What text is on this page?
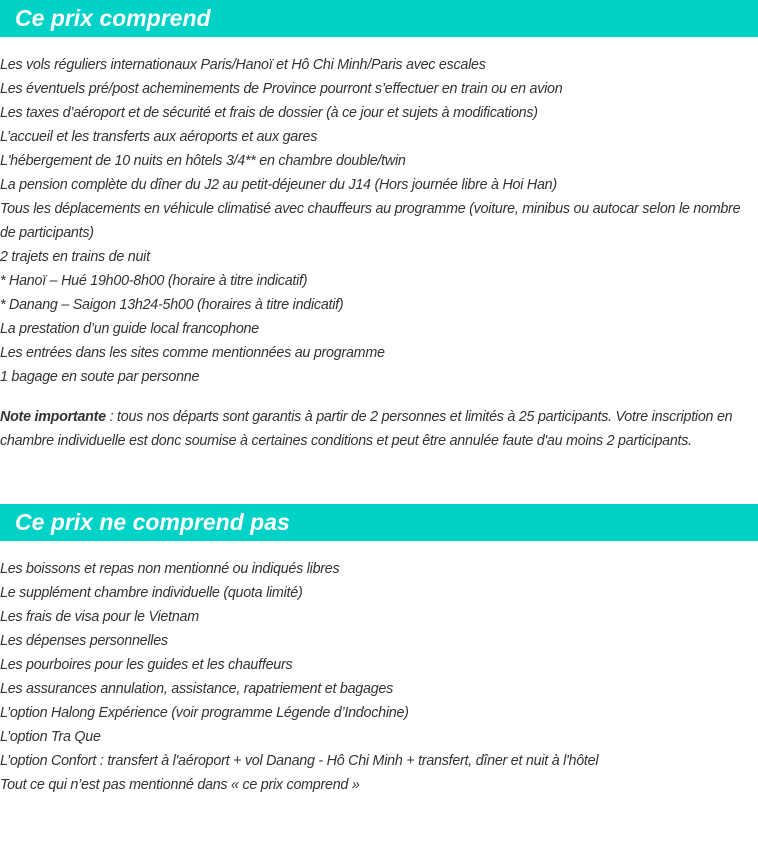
Ce prix comprend
Les vols réguliers internationaux Paris/Hanoï et Hô Chi Minh/Paris avec escales
Les éventuels pré/post acheminements de Province pourront s’effectuer en train ou en avion
Les taxes d’aéroport et de sécurité et frais de dossier (à ce jour et sujets à modifications)
L’accueil et les transferts aux aéroports et aux gares
L'hébergement de 10 nuits en hôtels 3/4** en chambre double/twin
La pension complète du dîner du J2 au petit-déjeuner du J14 (Hors journée libre à Hoi Han)
Tous les déplacements en véhicule climatisé avec chauffeurs au programme (voiture, minibus ou autocar selon le nombre de participants)
2 trajets en trains de nuit
* Hanoï – Hué 19h00-8h00 (horaire à titre indicatif)
* Danang – Saigon 13h24-5h00 (horaires à titre indicatif)
La prestation d’un guide local francophone
Les entrées dans les sites comme mentionnées au programme
1 bagage en soute par personne

Note importante : tous nos départs sont garantis à partir de 2 personnes et limités à 25 participants. Votre inscription en chambre individuelle est donc soumise à certaines conditions et peut être annulée faute d'au moins 2 participants.

Ce prix ne comprend pas
Les boissons et repas non mentionné ou indiqués libres
Le supplément chambre individuelle (quota limité)
Les frais de visa pour le Vietnam
Les dépenses personnelles
Les pourboires pour les guides et les chauffeurs
Les assurances annulation, assistance, rapatriement et bagages
L’option Halong Expérience (voir programme Légende d’Indochine)
L’option Tra Que
L’option Confort : transfert à l'aéroport + vol Danang - Hô Chi Minh + transfert, dîner et nuit à l'hôtel
Tout ce qui n’est pas mentionné dans « ce prix comprend »
